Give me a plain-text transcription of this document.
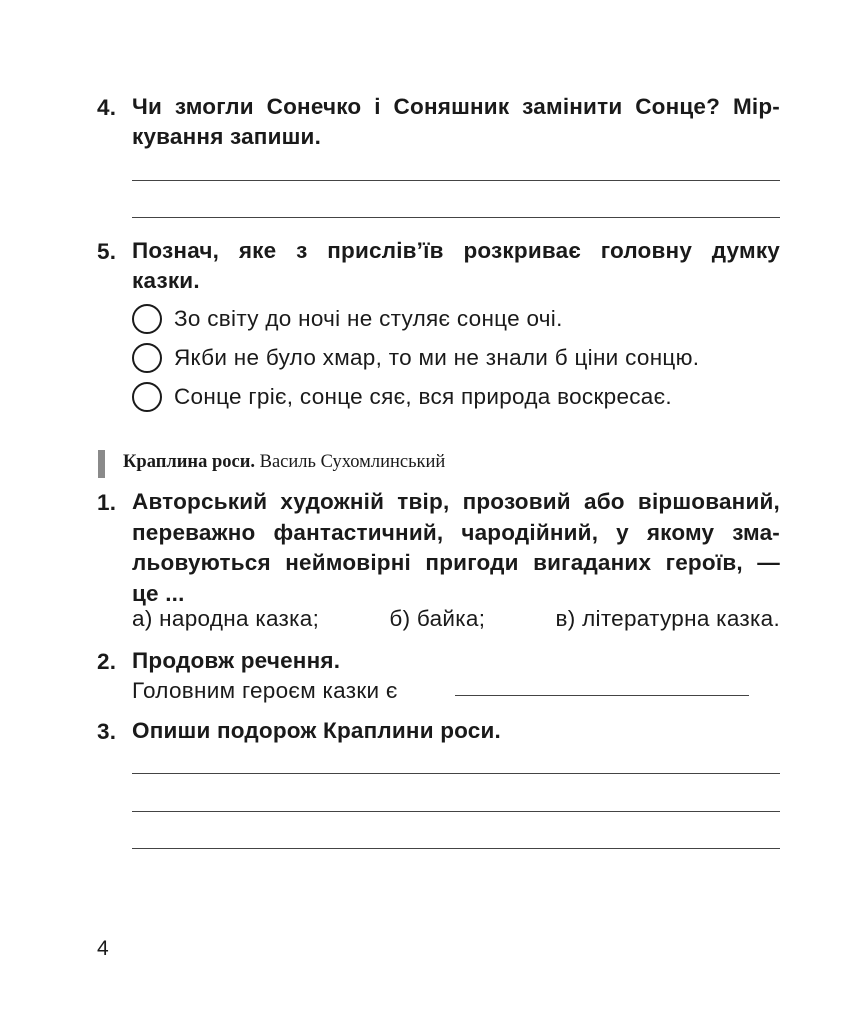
4. Чи змогли Сонечко і Соняшник замінити Сонце? Мір-
кування запиши.
5. Познач, яке з прислів’їв розкриває головну думку
казки.
Зо світу до ночі не стуляє сонце очі.
Якби не було хмар, то ми не знали б ціни сонцю.
Сонце гріє, сонце сяє, вся природа воскресає.
Краплина роси. Василь Сухомлинський
1. Авторський художній твір, прозовий або віршований,
переважно фантастичний, чародійний, у якому зма-
льовуються неймовірні пригоди вигаданих героїв, —
це ...
а) народна казка;	б) байка;	в) літературна казка.
2. Продовж речення.
Головним героєм казки є
3. Опиши подорож Краплини роси.
4
